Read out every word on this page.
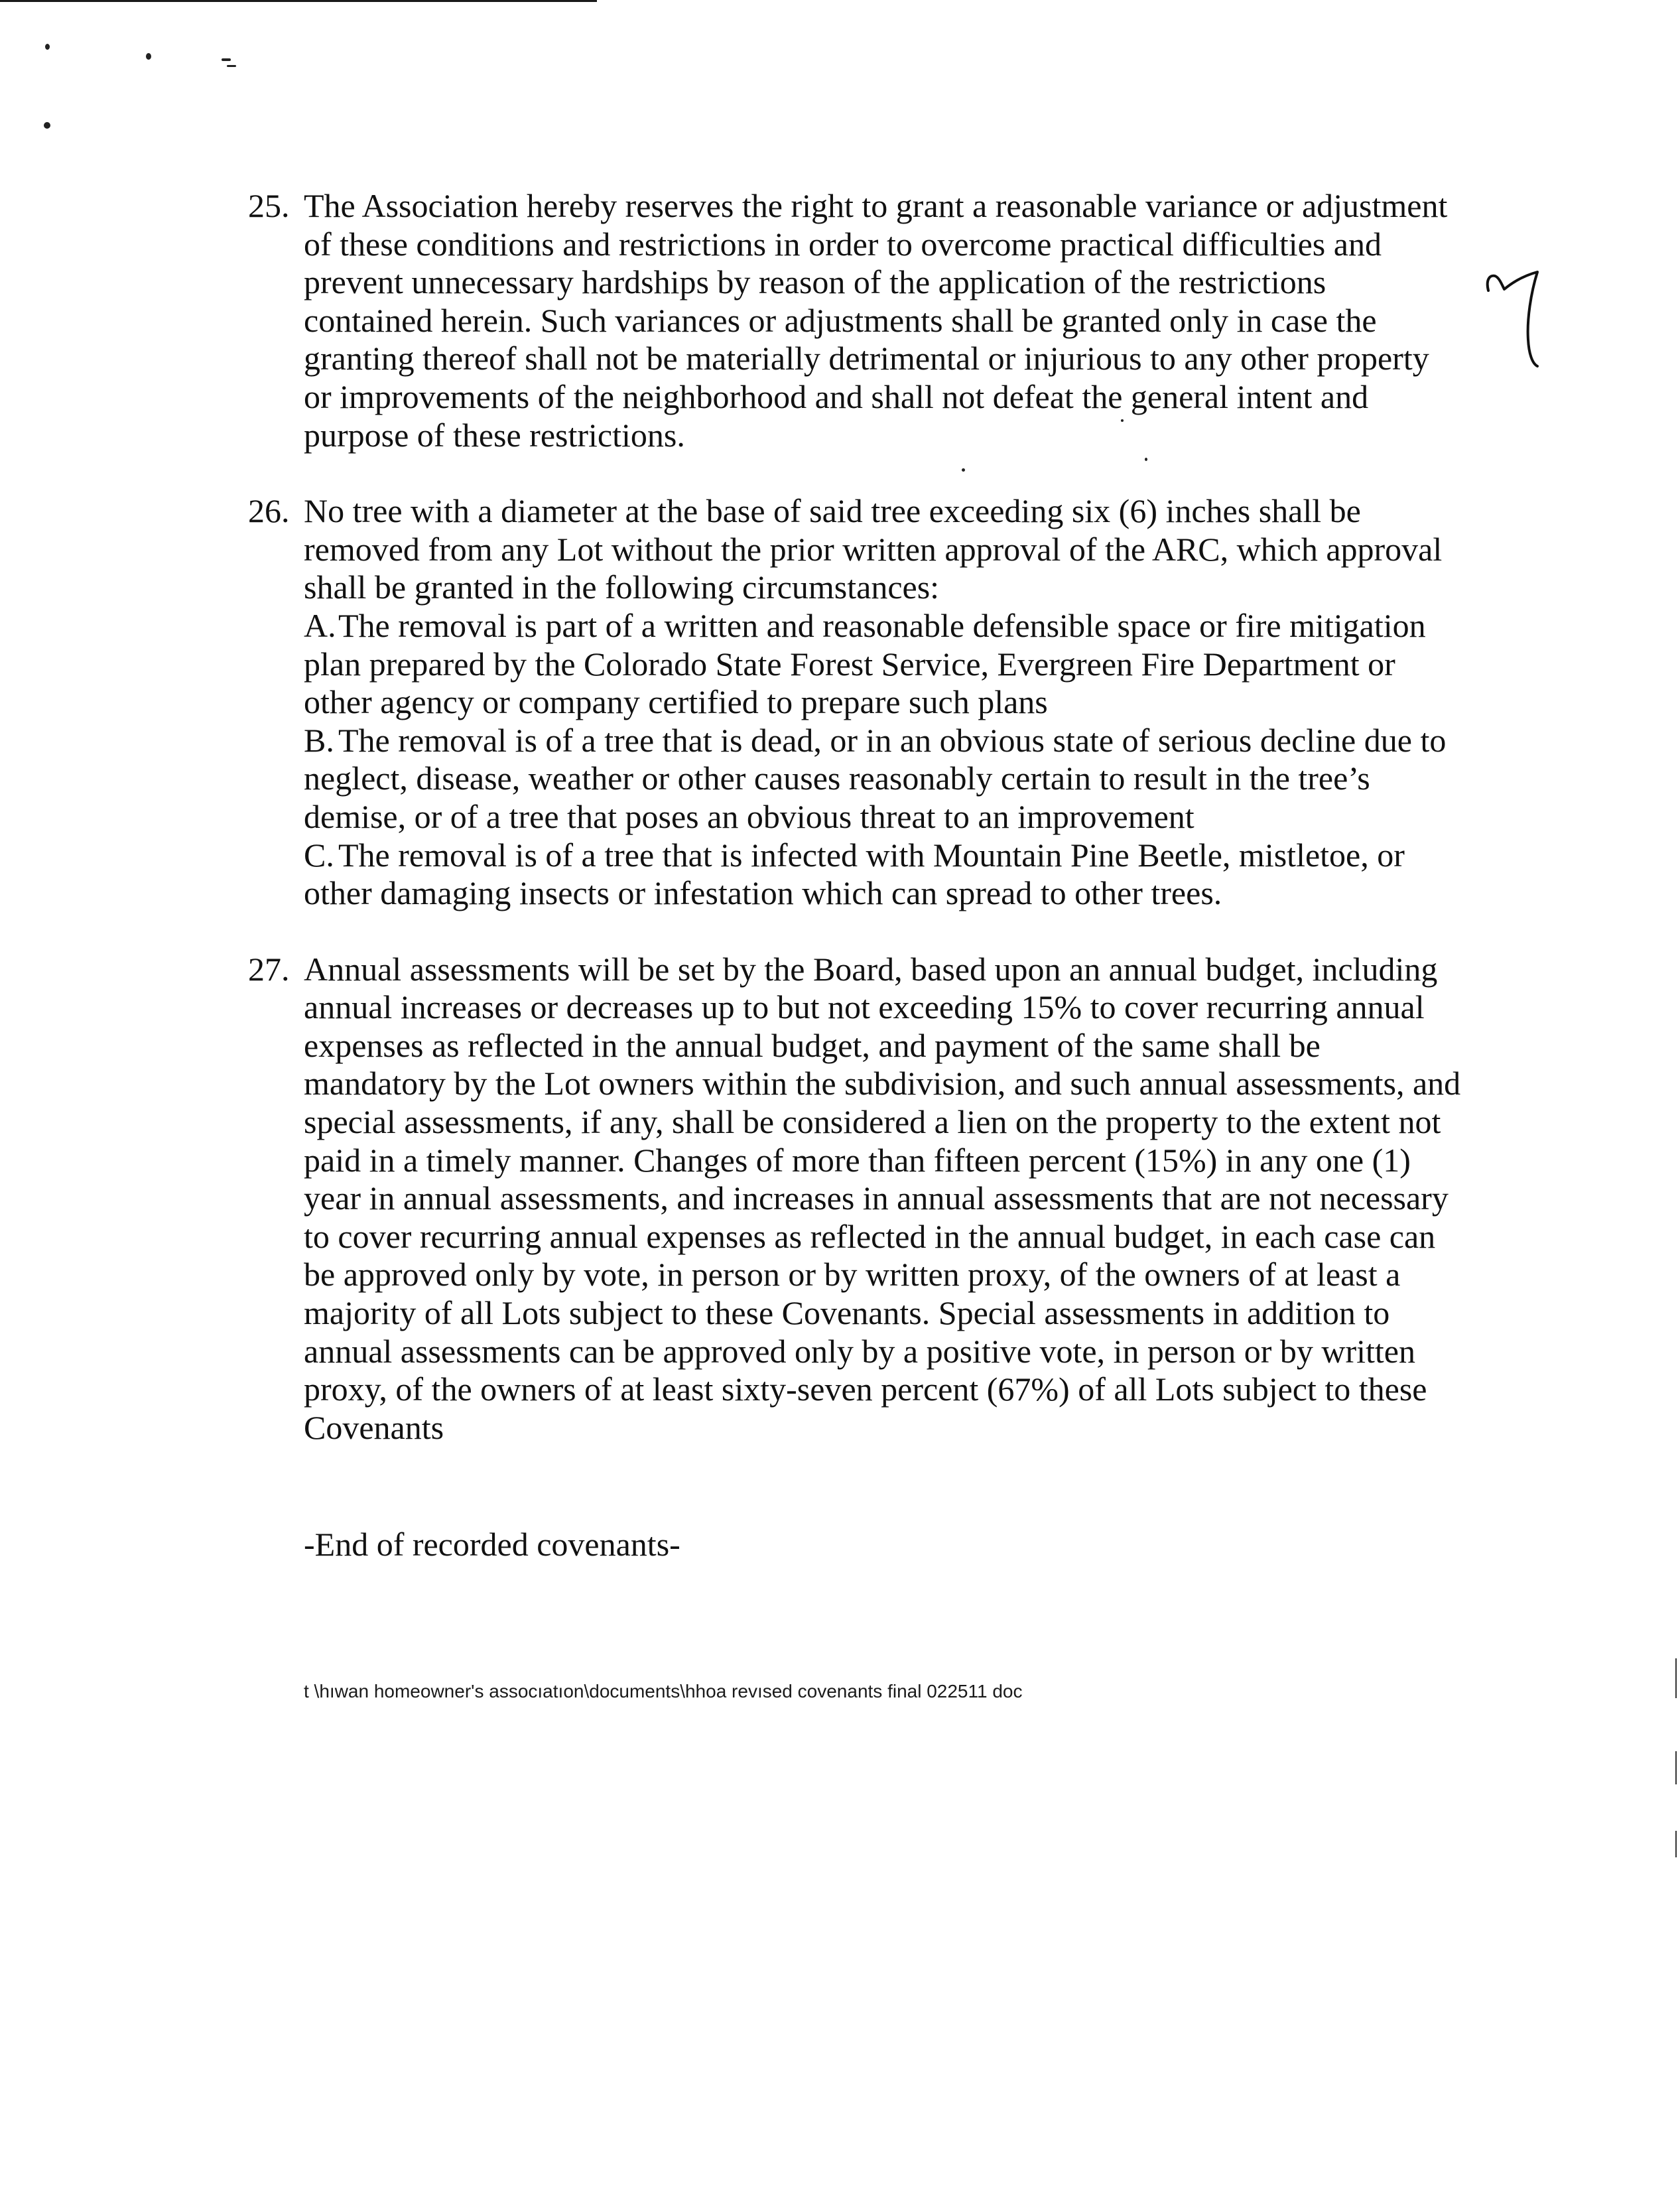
25. The Association hereby reserves the right to grant a reasonable variance or adjustment of these conditions and restrictions in order to overcome practical difficulties and prevent unnecessary hardships by reason of the application of the restrictions contained herein. Such variances or adjustments shall be granted only in case the granting thereof shall not be materially detrimental or injurious to any other property or improvements of the neighborhood and shall not defeat the general intent and purpose of these restrictions.
26. No tree with a diameter at the base of said tree exceeding six (6) inches shall be removed from any Lot without the prior written approval of the ARC, which approval shall be granted in the following circumstances:
A.The removal is part of a written and reasonable defensible space or fire mitigation plan prepared by the Colorado State Forest Service, Evergreen Fire Department or other agency or company certified to prepare such plans
B. The removal is of a tree that is dead, or in an obvious state of serious decline due to neglect, disease, weather or other causes reasonably certain to result in the tree’s demise, or of a tree that poses an obvious threat to an improvement
C. The removal is of a tree that is infected with Mountain Pine Beetle, mistletoe, or other damaging insects or infestation which can spread to other trees.
27. Annual assessments will be set by the Board, based upon an annual budget, including annual increases or decreases up to but not exceeding 15% to cover recurring annual expenses as reflected in the annual budget, and payment of the same shall be mandatory by the Lot owners within the subdivision, and such annual assessments, and special assessments, if any, shall be considered a lien on the property to the extent not paid in a timely manner. Changes of more than fifteen percent (15%) in any one (1) year in annual assessments, and increases in annual assessments that are not necessary to cover recurring annual expenses as reflected in the annual budget, in each case can be approved only by vote, in person or by written proxy, of the owners of at least a majority of all Lots subject to these Covenants. Special assessments in addition to annual assessments can be approved only by a positive vote, in person or by written proxy, of the owners of at least sixty-seven percent (67%) of all Lots subject to these Covenants
-End of recorded covenants-
t \hıwan homeowner's assocıatıon\documents\hhoa revısed covenants final 022511 doc
